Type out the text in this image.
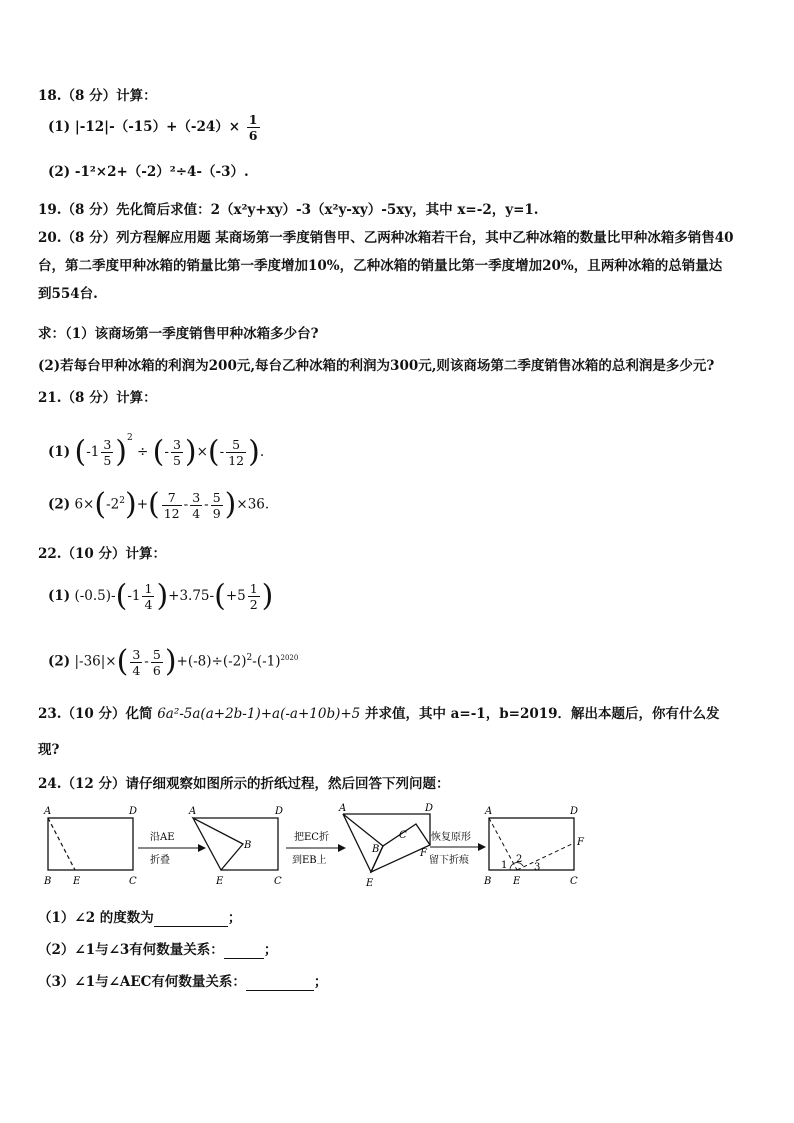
18.（8 分）计算：
(1) $|-12|-(-15)+(-24)\times \frac{1}{6}$
(2) -1²×2+（-2）²÷4-（-3）.
19.（8 分）先化简后求值：2（x²y+xy）-3（x²y-xy）-5xy，其中 x=-2，y=1.
20.（8 分）列方程解应用题 某商场第一季度销售甲、乙两种冰箱若干台，其中乙种冰箱的数量比甲种冰箱多销售40
台，第二季度甲种冰箱的销量比第一季度增加10%，乙种冰箱的销量比第一季度增加20%，且两种冰箱的总销量达
到554台.
求：（1）该商场第一季度销售甲种冰箱多少台?
(2)若每台甲种冰箱的利润为200元,每台乙种冰箱的利润为300元,则该商场第二季度销售冰箱的总利润是多少元?
21.（8 分）计算：
(1) $(-1 \frac{3}{5} )^2$ ÷ (- $\frac{3}{5}$ )×(- $\frac{5}{12}$ ).
(2) $6\times(-2^2)+( \frac{7}{12} - \frac{3}{4} - \frac{5}{9} )\times 36$.
22.（10 分）计算：
(1) $(-0.5)-(-1 \frac{1}{4} )+3.75-(+5 \frac{1}{2}$ )
(2) $|-36|\times( \frac{3}{4} - \frac{5}{6} )+(-8)\div(-2)^2-(-1)^{2020}$
23.（10 分）化简 6a²-5a(a+2b-1)+a(-a+10b)+5 并求值，其中 a=-1，b=2019．解出本题后，你有什么发
现?
24.（12 分）请仔细观察如图所示的折纸过程，然后回答下列问题：
A	D
B E	C
沿AE
折叠
A	D
B
E	C
把EC折
到EB上
A	D
B
C
F
E
恢复原形
留下折痕
A	D
F
B E	C
1
2
3
（1）∠2 的度数为	；
（2）∠1与∠3有何数量关系：	；
（3）∠1与∠AEC有何数量关系：	；
